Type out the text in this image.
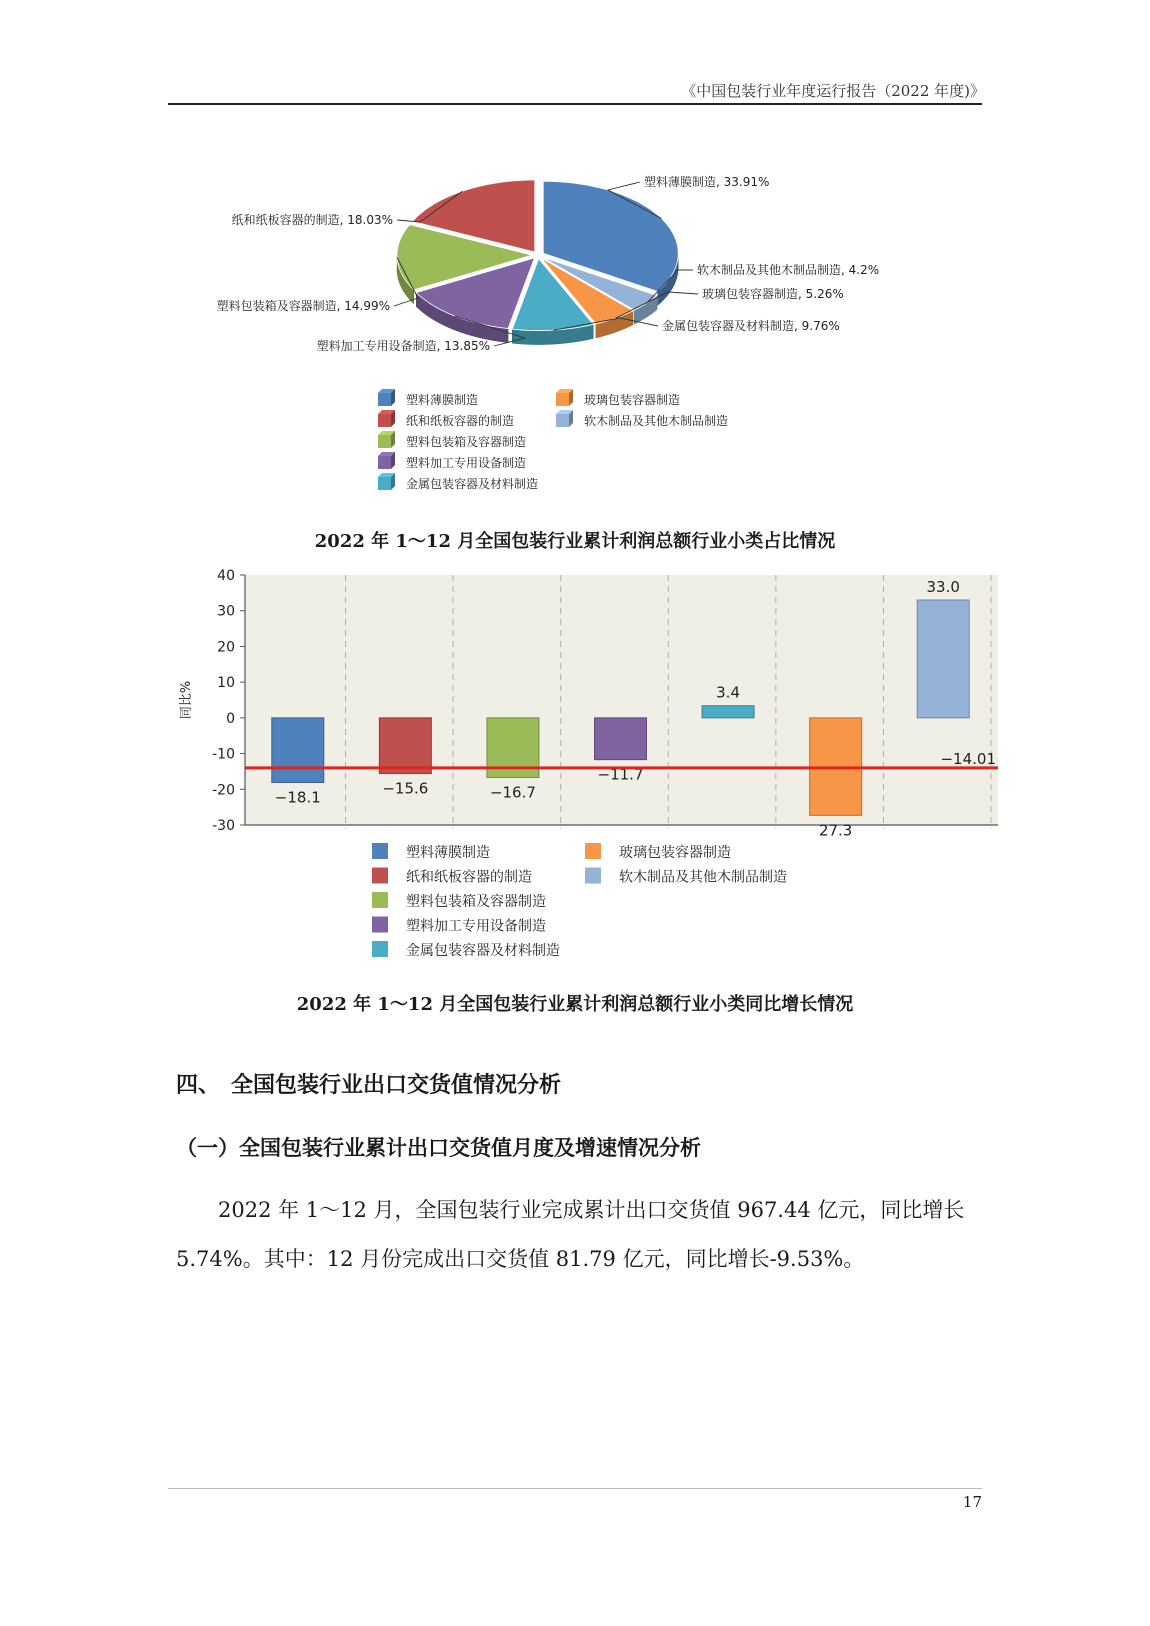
《中国包装行业年度运行报告（2022 年度)》
塑料薄膜制造, 33.91%
软木制品及其他木制品制造, 4.2%
玻璃包装容器制造, 5.26%
金属包装容器及材料制造, 9.76%
塑料加工专用设备制造, 13.85%
塑料包装箱及容器制造, 14.99%
纸和纸板容器的制造, 18.03%
塑料薄膜制造
纸和纸板容器的制造
塑料包装箱及容器制造
塑料加工专用设备制造
金属包装容器及材料制造
玻璃包装容器制造
软木制品及其他木制品制造
2022 年 1～12 月全国包装行业累计利润总额行业小类占比情况
40
30
20
10
0
-10
-20
-30
同比%
−18.1	−15.6	−16.7
−11.7
3.4
27.3
33.0
−14.01
塑料薄膜制造
纸和纸板容器的制造
塑料包装箱及容器制造
塑料加工专用设备制造
金属包装容器及材料制造
玻璃包装容器制造
软木制品及其他木制品制造
2022 年 1～12 月全国包装行业累计利润总额行业小类同比增长情况
四、　全国包装行业出口交货值情况分析
（一）全国包装行业累计出口交货值月度及增速情况分析
2022 年 1～12 月，全国包装行业完成累计出口交货值 967.44 亿元，同比增长 5.74%。其中：12 月份完成出口交货值 81.79 亿元，同比增长-9.53%。
17
